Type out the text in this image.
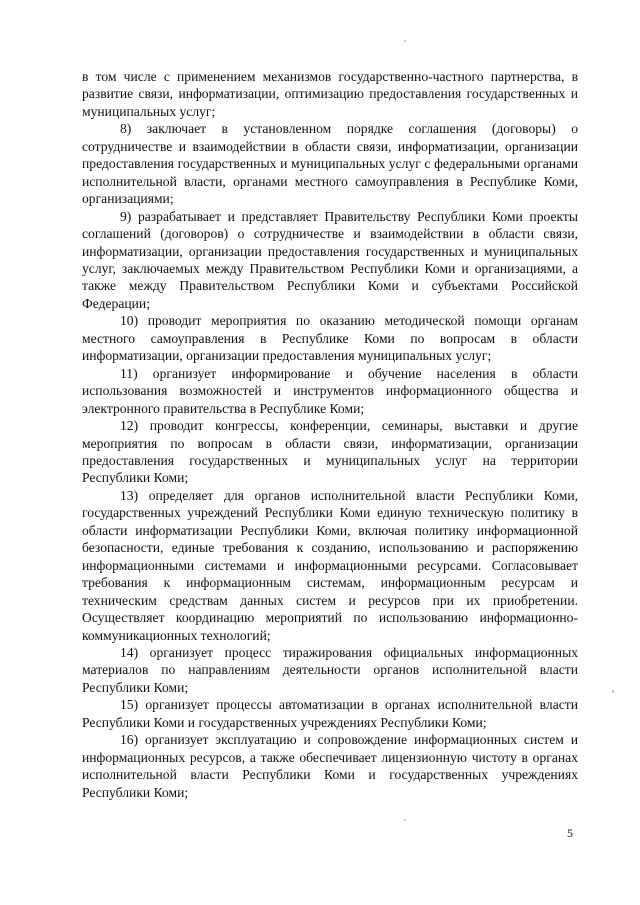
в том числе с применением механизмов государственно-частного партнерства, в развитие связи, информатизации, оптимизацию предоставления государственных и муниципальных услуг;

8) заключает в установленном порядке соглашения (договоры) о сотрудничестве и взаимодействии в области связи, информатизации, организации предоставления государственных и муниципальных услуг с федеральными органами исполнительной власти, органами местного самоуправления в Республике Коми, организациями;

9) разрабатывает и представляет Правительству Республики Коми проекты соглашений (договоров) о сотрудничестве и взаимодействии в области связи, информатизации, организации предоставления государственных и муниципальных услуг, заключаемых между Правительством Республики Коми и организациями, а также между Правительством Республики Коми и субъектами Российской Федерации;

10) проводит мероприятия по оказанию методической помощи органам местного самоуправления в Республике Коми по вопросам в области информатизации, организации предоставления муниципальных услуг;

11) организует информирование и обучение населения в области использования возможностей и инструментов информационного общества и электронного правительства в Республике Коми;

12) проводит конгрессы, конференции, семинары, выставки и другие мероприятия по вопросам в области связи, информатизации, организации предоставления государственных и муниципальных услуг на территории Республики Коми;

13) определяет для органов исполнительной власти Республики Коми, государственных учреждений Республики Коми единую техническую политику в области информатизации Республики Коми, включая политику информационной безопасности, единые требования к созданию, использованию и распоряжению информационными системами и информационными ресурсами. Согласовывает требования к информационным системам, информационным ресурсам и техническим средствам данных систем и ресурсов при их приобретении. Осуществляет координацию мероприятий по использованию информационно-коммуникационных технологий;

14) организует процесс тиражирования официальных информационных материалов по направлениям деятельности органов исполнительной власти Республики Коми;

15) организует процессы автоматизации в органах исполнительной власти Республики Коми и государственных учреждениях Республики Коми;

16) организует эксплуатацию и сопровождение информационных систем и информационных ресурсов, а также обеспечивает лицензионную чистоту в органах исполнительной власти Республики Коми и государственных учреждениях Республики Коми;

5
